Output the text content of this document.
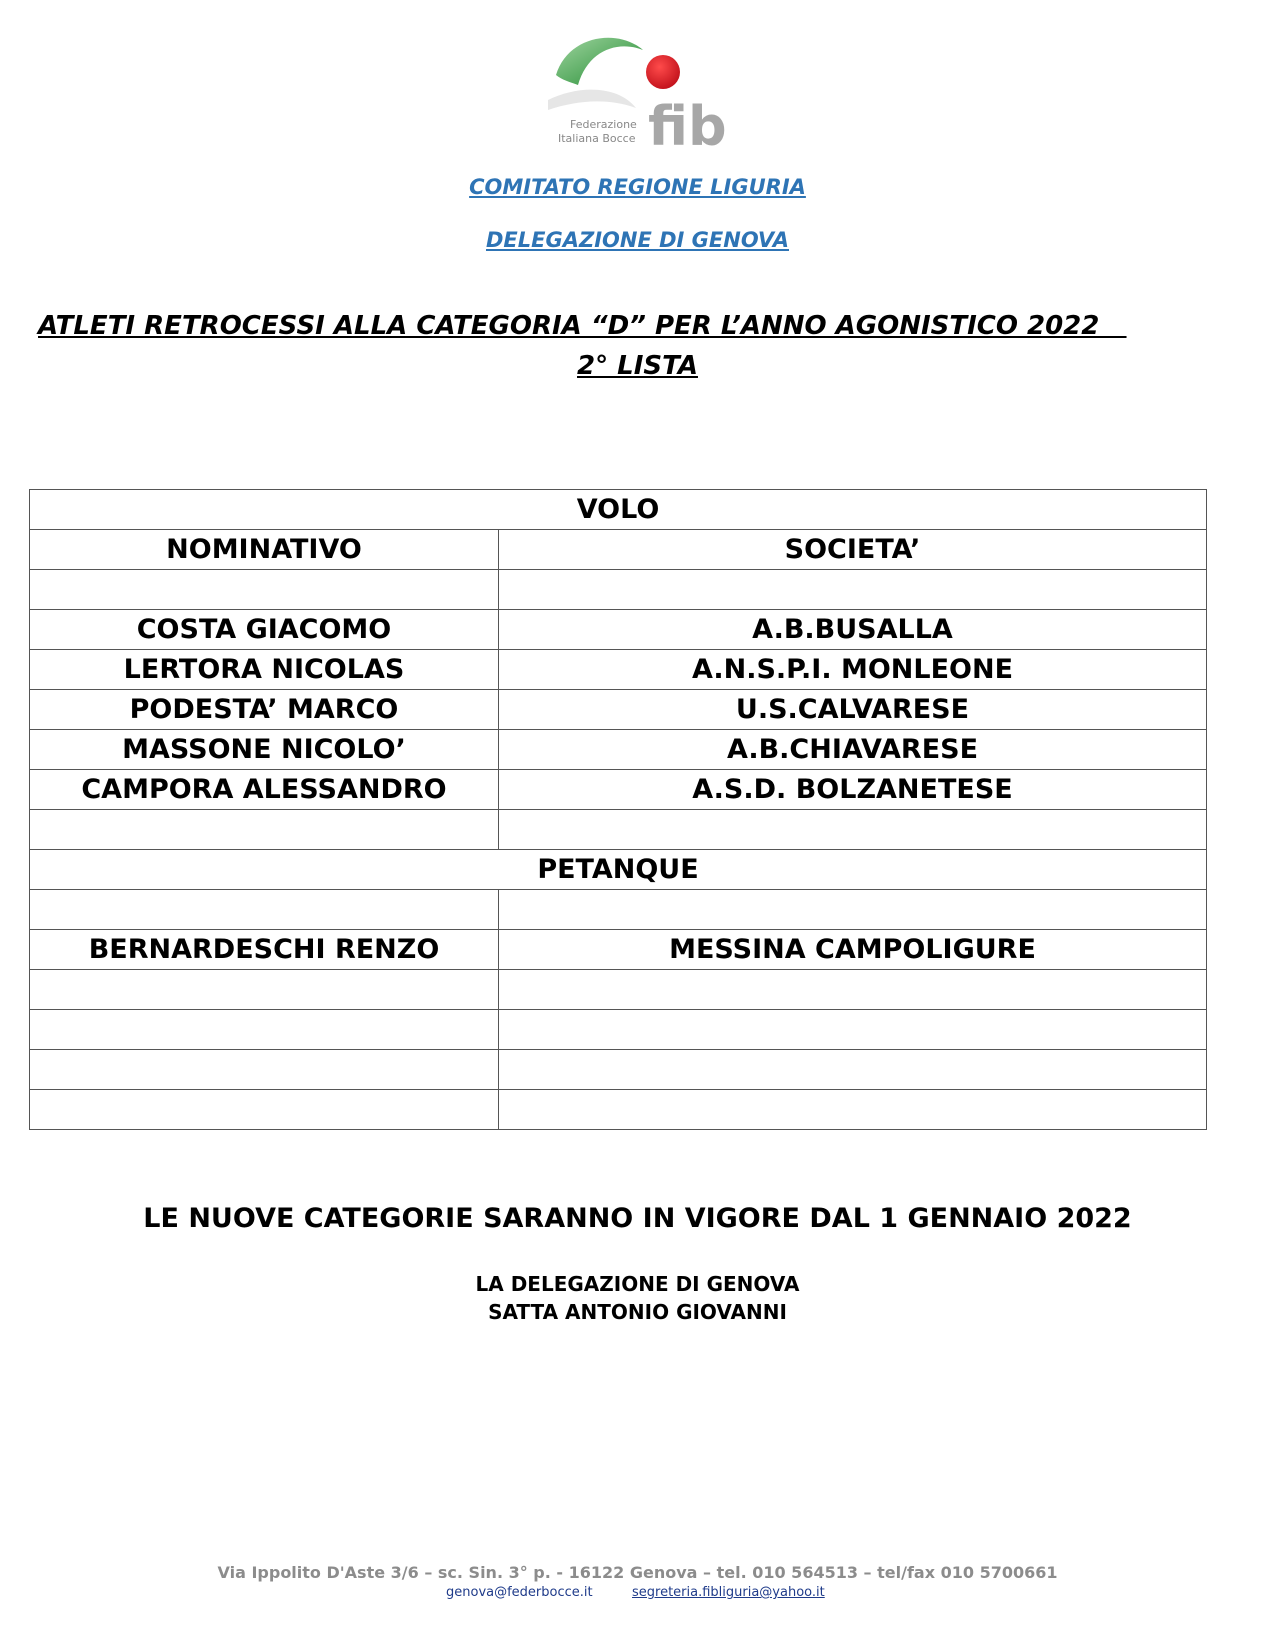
fib
Federazione
Italiana Bocce
COMITATO REGIONE LIGURIA
DELEGAZIONE DI GENOVA
ATLETI RETROCESSI ALLA CATEGORIA “D” PER L’ANNO AGONISTICO 2022
2° LISTA
VOLO	
NOMINATIVO	SOCIETA’

COSTA GIACOMO	A.B.BUSALLA
LERTORA NICOLAS	A.N.S.P.I. MONLEONE
PODESTA’ MARCO	U.S.CALVARESE
MASSONE NICOLO’	A.B.CHIAVARESE
CAMPORA ALESSANDRO	A.S.D. BOLZANETESE

PETANQUE	

BERNARDESCHI RENZO	MESSINA CAMPOLIGURE

LE NUOVE CATEGORIE SARANNO IN VIGORE DAL 1 GENNAIO 2022
LA DELEGAZIONE DI GENOVA
SATTA ANTONIO GIOVANNI
Via Ippolito D'Aste 3/6 – sc. Sin. 3° p. - 16122 Genova – tel. 010 564513 – tel/fax 010 5700661
genova@federbocce.it	segreteria.fibliguria@yahoo.it
